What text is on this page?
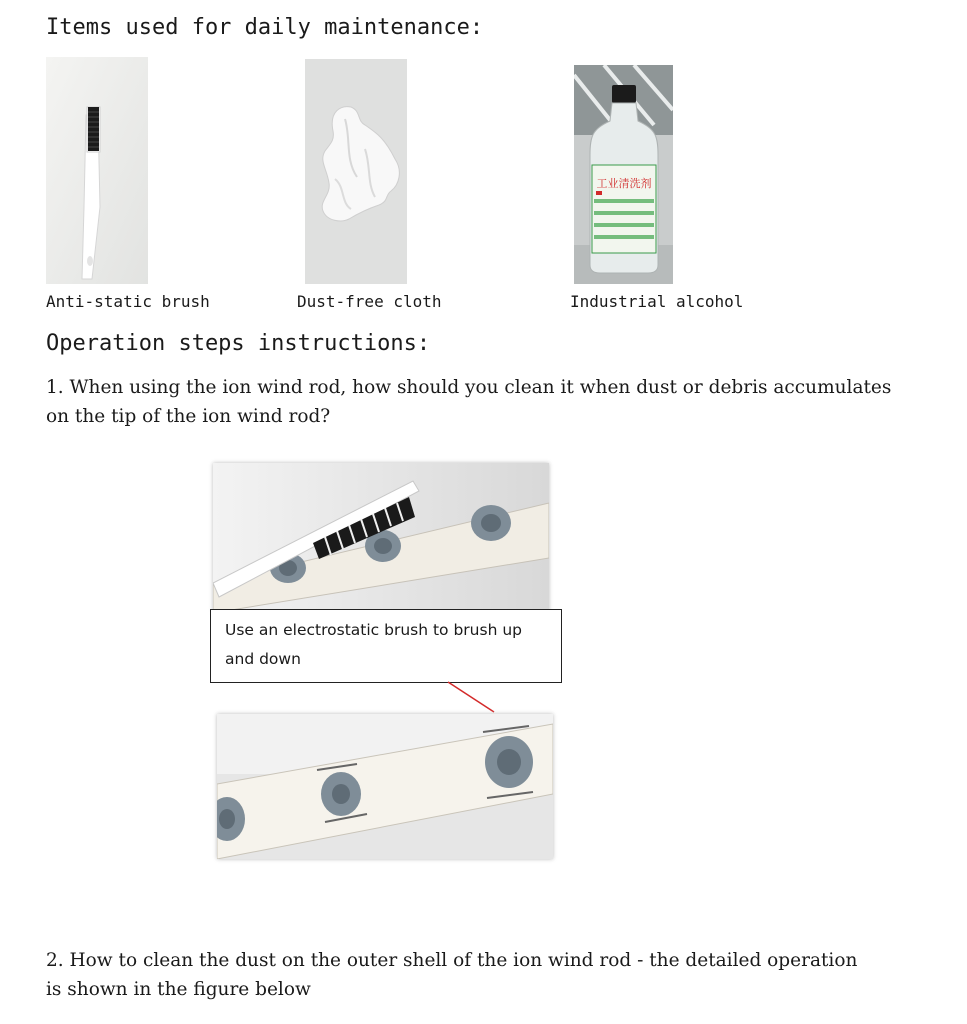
Items used for daily maintenance:
Anti-static brush	Dust-free cloth
工业清洗剂
Industrial alcohol
Operation steps instructions:
1. When using the ion wind rod, how should you clean it when dust or debris accumulates
on the tip of the ion wind rod?
Use an electrostatic brush to brush up and down
2. How to clean the dust on the outer shell of the ion wind rod - the detailed operation
is shown in the figure below
